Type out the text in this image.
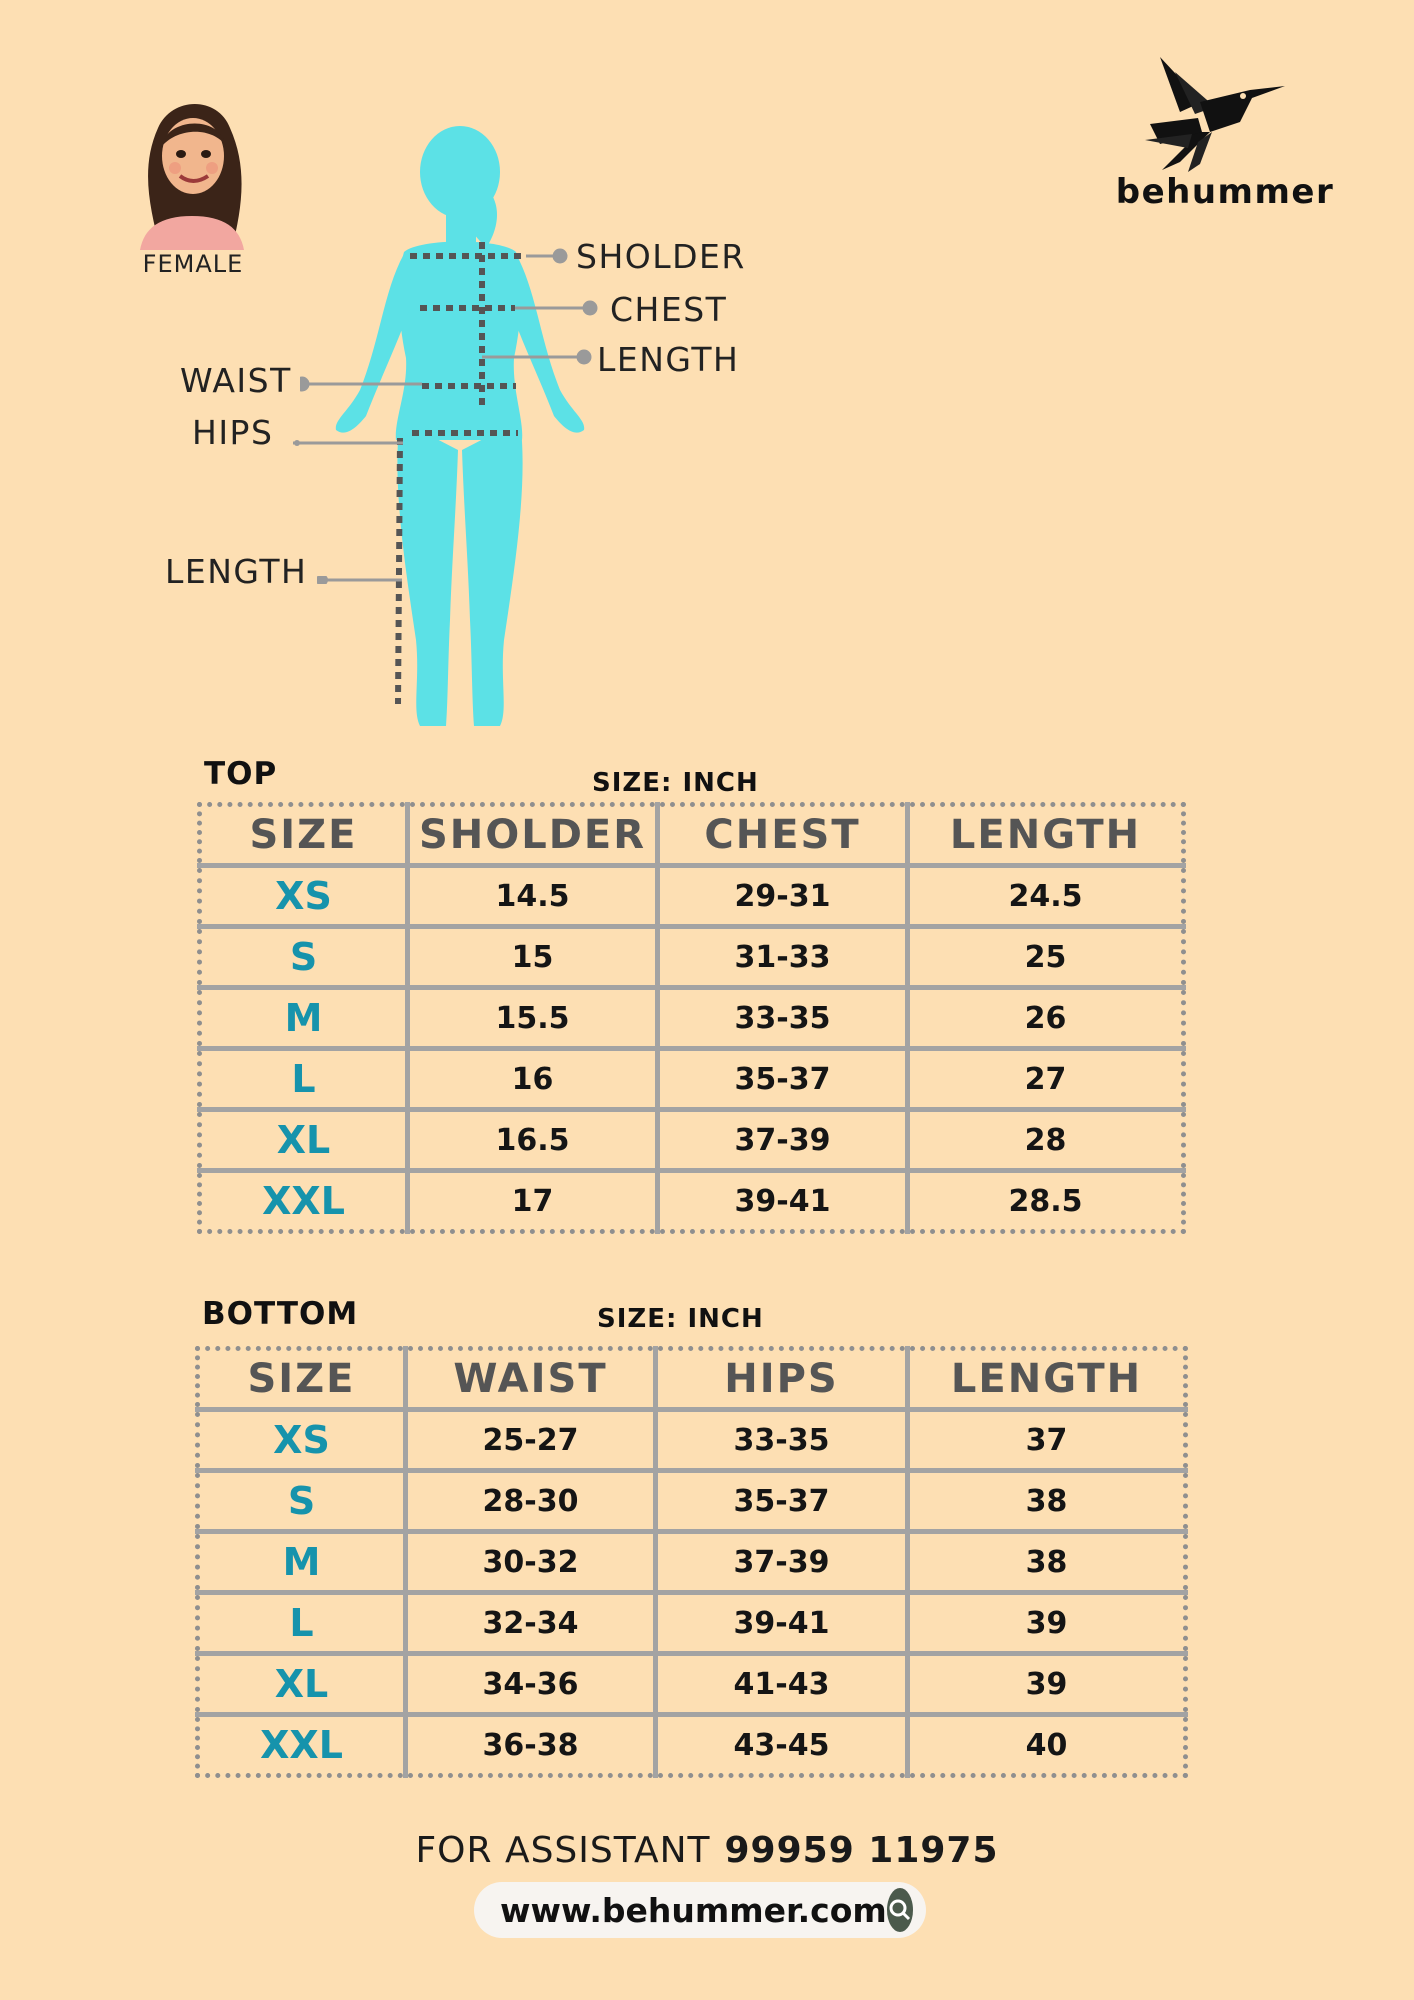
FEMALE
behummer
SHOLDER
CHEST
LENGTH
WAIST
HIPS
LENGTH
TOP	SIZE: INCH
SIZE	SHOLDER	CHEST	LENGTH
XS	14.5	29-31	24.5
S	15	31-33	25
M	15.5	33-35	26
L	16	35-37	27
XL	16.5	37-39	28
XXL	17	39-41	28.5
BOTTOM	SIZE: INCH
SIZE	WAIST	HIPS	LENGTH
XS	25-27	33-35	37
S	28-30	35-37	38
M	30-32	37-39	38
L	32-34	39-41	39
XL	34-36	41-43	39
XXL	36-38	43-45	40
FOR ASSISTANT 99959 11975
www.behummer.com
